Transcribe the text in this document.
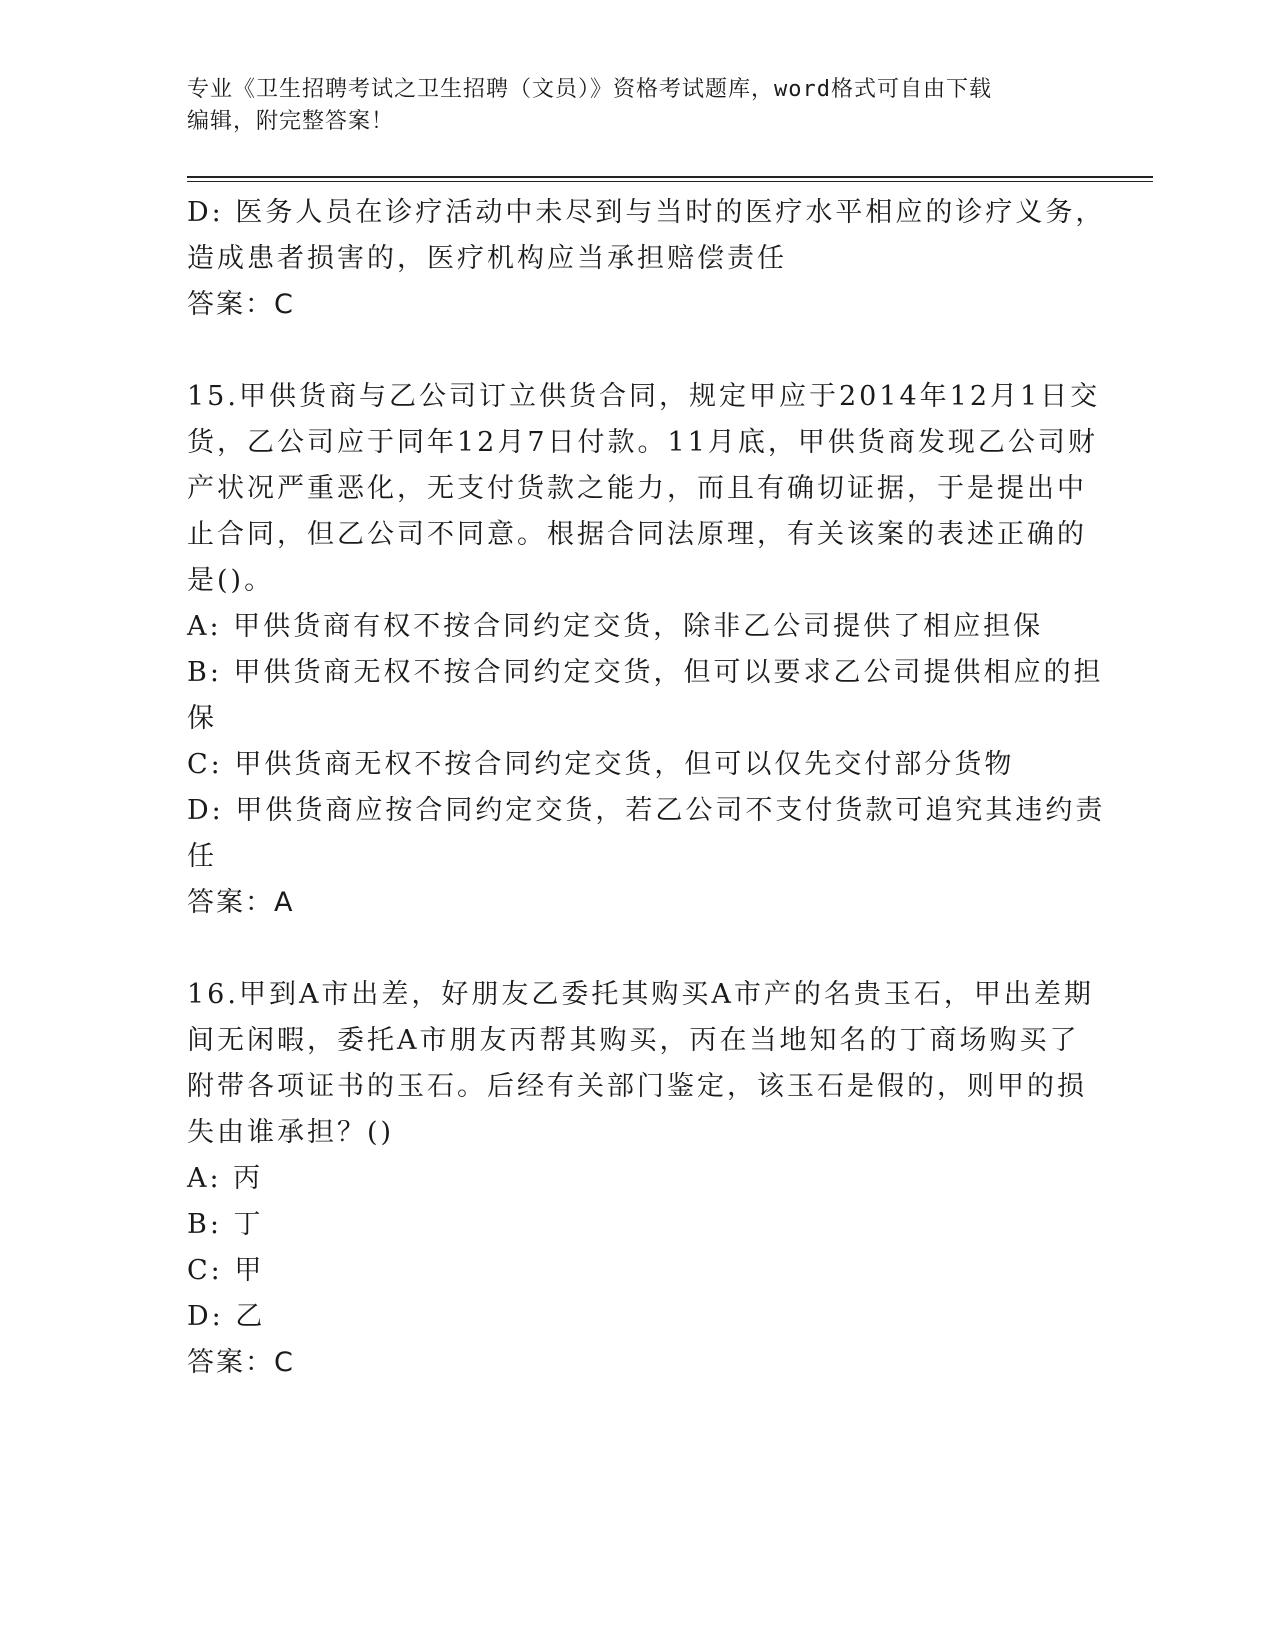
专业《卫生招聘考试之卫生招聘（文员）》资格考试题库，word格式可自由下载
编辑，附完整答案！
D: 医务人员在诊疗活动中未尽到与当时的医疗水平相应的诊疗义务，
造成患者损害的，医疗机构应当承担赔偿责任
答案：C
15.甲供货商与乙公司订立供货合同，规定甲应于2014年12月1日交
货，乙公司应于同年12月7日付款。11月底，甲供货商发现乙公司财
产状况严重恶化，无支付货款之能力，而且有确切证据，于是提出中
止合同，但乙公司不同意。根据合同法原理，有关该案的表述正确的
是()。
A: 甲供货商有权不按合同约定交货，除非乙公司提供了相应担保
B: 甲供货商无权不按合同约定交货，但可以要求乙公司提供相应的担
保
C: 甲供货商无权不按合同约定交货，但可以仅先交付部分货物
D: 甲供货商应按合同约定交货，若乙公司不支付货款可追究其违约责
任
答案：A
16.甲到A市出差，好朋友乙委托其购买A市产的名贵玉石，甲出差期
间无闲暇，委托A市朋友丙帮其购买，丙在当地知名的丁商场购买了
附带各项证书的玉石。后经有关部门鉴定，该玉石是假的，则甲的损
失由谁承担？()
A: 丙
B: 丁
C: 甲
D: 乙
答案：C
